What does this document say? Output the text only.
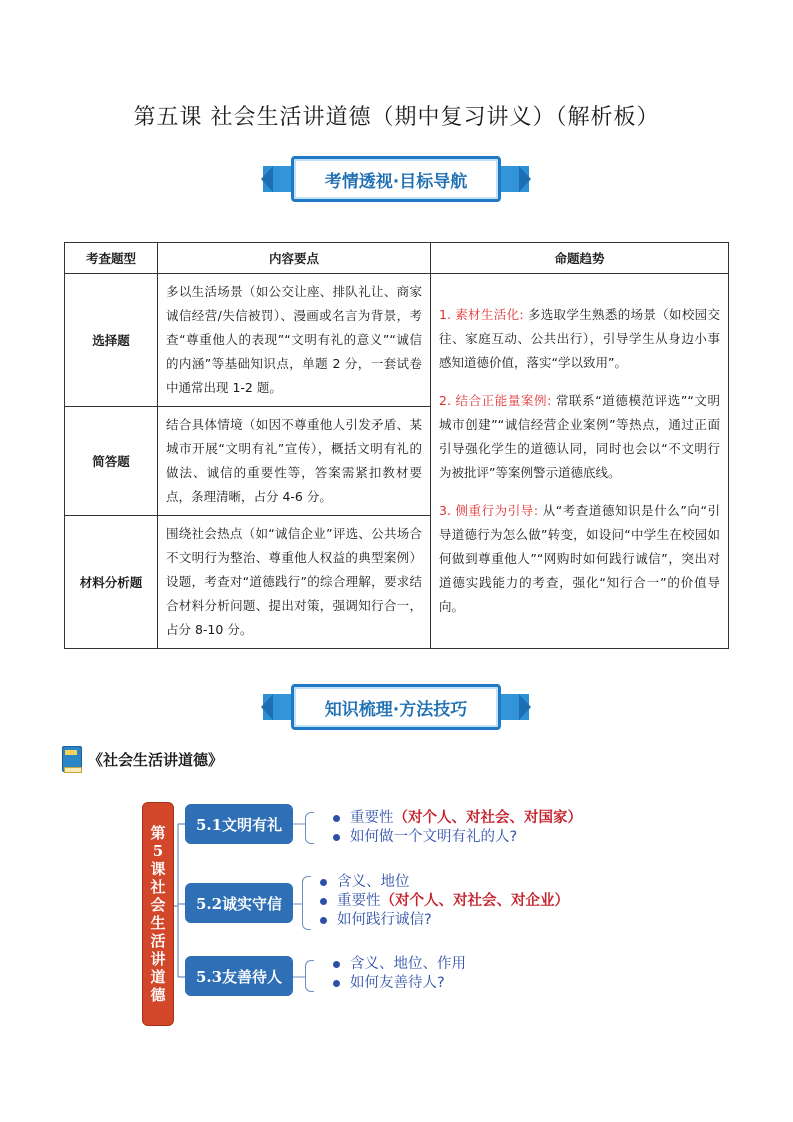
第五课 社会生活讲道德（期中复习讲义）（解析板）
考情透视·目标导航
考查题型	内容要点	命题趋势
选择题	多以生活场景（如公交让座、排队礼让、商家诚信经营/失信被罚）、漫画或名言为背景，考查“尊重他人的表现”“文明有礼的意义”“诚信的内涵”等基础知识点，单题 2 分，一套试卷中通常出现 1-2 题。	1. 素材生活化: 多选取学生熟悉的场景（如校园交往、家庭互动、公共出行），引导学生从身边小事感知道德价值，落实“学以致用”。

2. 结合正能量案例: 常联系“道德模范评选”“文明城市创建”“诚信经营企业案例”等热点，通过正面引导强化学生的道德认同，同时也会以“不文明行为被批评”等案例警示道德底线。

3. 侧重行为引导: 从“考查道德知识是什么”向“引导道德行为怎么做”转变，如设问“中学生在校园如何做到尊重他人”“网购时如何践行诚信”，突出对道德实践能力的考查，强化“知行合一”的价值导向。

简答题	结合具体情境（如因不尊重他人引发矛盾、某城市开展“文明有礼”宣传），概括文明有礼的做法、诚信的重要性等，答案需紧扣教材要点，条理清晰，占分 4-6 分。	
材料分析题	围绕社会热点（如“诚信企业”评选、公共场合不文明行为整治、尊重他人权益的典型案例）设题，考查对“道德践行”的综合理解，要求结合材料分析问题、提出对策，强调知行合一，占分 8-10 分。	
知识梳理·方法技巧
《社会生活讲道德》
第
5
课
社
会
生
活
讲
道
德
5.1文明有礼	重要性 （对个人、对社会、对国家）
如何做一个文明有礼的人?
5.2诚实守信
含义、地位
重要性 （对个人、对社会、对企业）
如何践行诚信?
5.3友善待人
含义、地位、作用
如何友善待人?
